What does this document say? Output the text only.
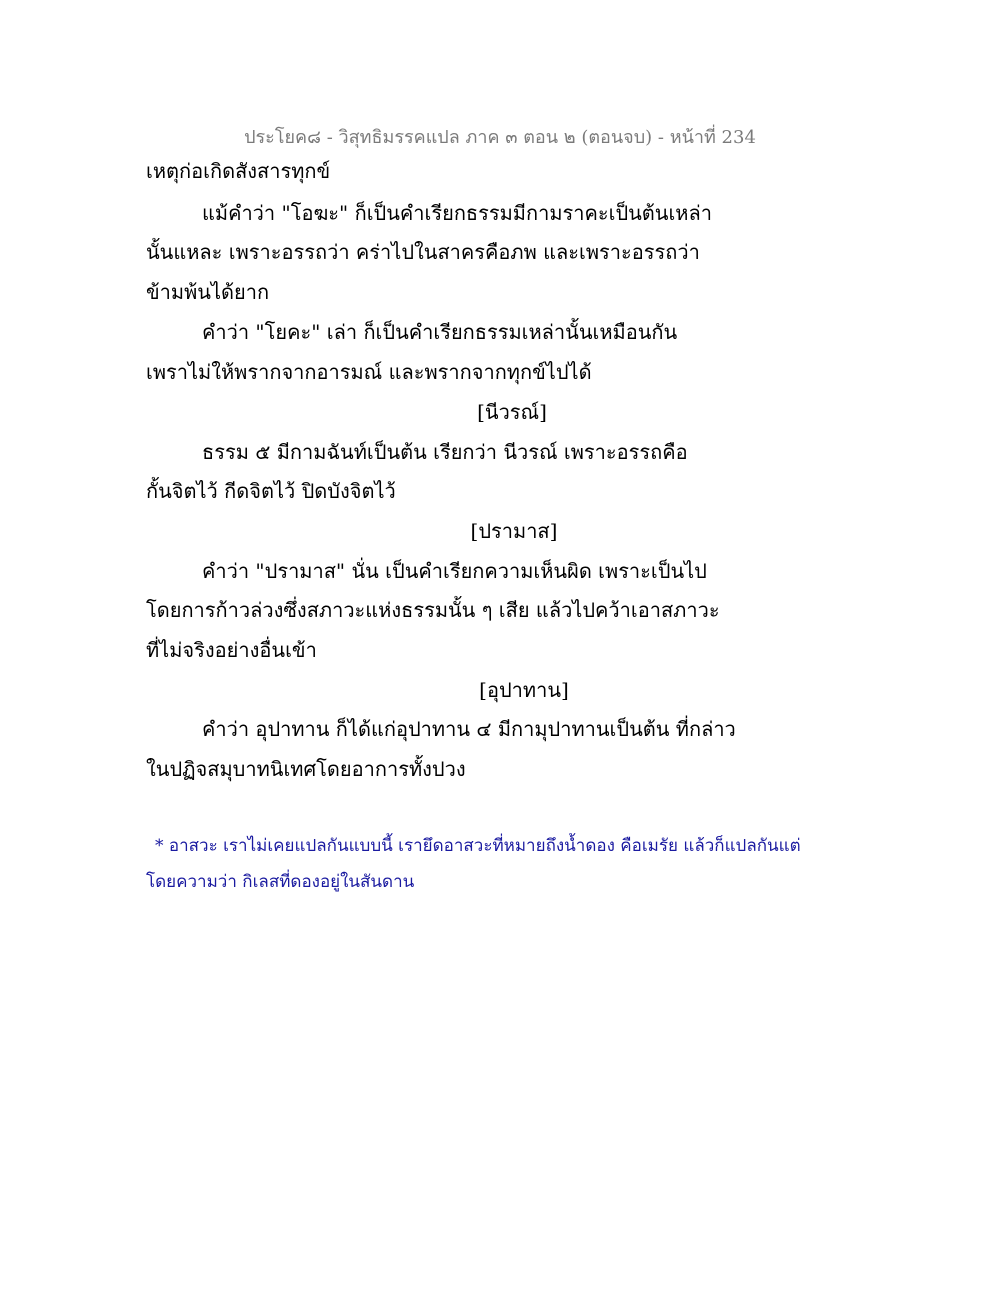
ประโยค๘ - วิสุทธิมรรคแปล ภาค ๓ ตอน ๒ (ตอนจบ) - หน้าที่ 234
เหตุก่อเกิดสังสารทุกข์
แม้คำว่า "โอฆะ" ก็เป็นคำเรียกธรรมมีกามราคะเป็นต้นเหล่า
นั้นแหละ เพราะอรรถว่า คร่าไปในสาครคือภพ และเพราะอรรถว่า
ข้ามพ้นได้ยาก
คำว่า "โยคะ" เล่า ก็เป็นคำเรียกธรรมเหล่านั้นเหมือนกัน
เพราไม่ให้พรากจากอารมณ์ และพรากจากทุกข์ไปได้
[นีวรณ์]
ธรรม ๕ มีกามฉันท์เป็นต้น เรียกว่า นีวรณ์ เพราะอรรถคือ
กั้นจิตไว้ กีดจิตไว้ ปิดบังจิตไว้
[ปรามาส]
คำว่า "ปรามาส" นั่น เป็นคำเรียกความเห็นผิด เพราะเป็นไป
โดยการก้าวล่วงซึ่งสภาวะแห่งธรรมนั้น ๆ เสีย แล้วไปคว้าเอาสภาวะ
ที่ไม่จริงอย่างอื่นเข้า
[อุปาทาน]
คำว่า อุปาทาน ก็ได้แก่อุปาทาน ๔ มีกามุปาทานเป็นต้น ที่กล่าว
ในปฏิจสมุบาทนิเทศโดยอาการทั้งปวง
* อาสวะ เราไม่เคยแปลกันแบบนี้ เรายึดอาสวะที่หมายถึงน้ำดอง คือเมรัย แล้วก็แปลกันแต่
โดยความว่า กิเลสที่ดองอยู่ในสันดาน
